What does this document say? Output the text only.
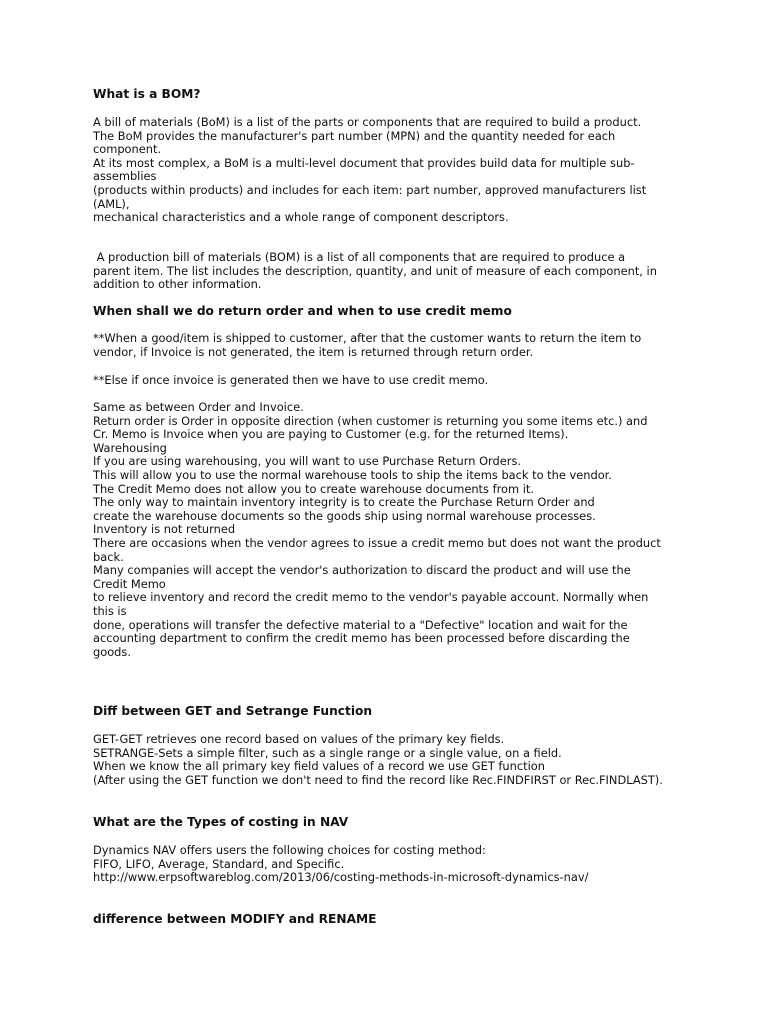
What is a BOM?
A bill of materials (BoM) is a list of the parts or components that are required to build a product.
The BoM provides the manufacturer's part number (MPN) and the quantity needed for each
component.
At its most complex, a BoM is a multi-level document that provides build data for multiple sub-
assemblies
(products within products) and includes for each item: part number, approved manufacturers list
(AML),
mechanical characteristics and a whole range of component descriptors.
A production bill of materials (BOM) is a list of all components that are required to produce a
parent item. The list includes the description, quantity, and unit of measure of each component, in
addition to other information.
When shall we do return order and when to use credit memo
**When a good/item is shipped to customer, after that the customer wants to return the item to
vendor, if Invoice is not generated, the item is returned through return order.
**Else if once invoice is generated then we have to use credit memo.
Same as between Order and Invoice.
Return order is Order in opposite direction (when customer is returning you some items etc.) and
Cr. Memo is Invoice when you are paying to Customer (e.g. for the returned Items).
Warehousing
If you are using warehousing, you will want to use Purchase Return Orders.
This will allow you to use the normal warehouse tools to ship the items back to the vendor.
The Credit Memo does not allow you to create warehouse documents from it.
The only way to maintain inventory integrity is to create the Purchase Return Order and
create the warehouse documents so the goods ship using normal warehouse processes.
Inventory is not returned
There are occasions when the vendor agrees to issue a credit memo but does not want the product
back.
Many companies will accept the vendor's authorization to discard the product and will use the
Credit Memo
to relieve inventory and record the credit memo to the vendor's payable account. Normally when
this is
done, operations will transfer the defective material to a "Defective" location and wait for the
accounting department to confirm the credit memo has been processed before discarding the
goods.
Diff between GET and Setrange Function
GET-GET retrieves one record based on values of the primary key fields.
SETRANGE-Sets a simple filter, such as a single range or a single value, on a field.
When we know the all primary key field values of a record we use GET function
(After using the GET function we don't need to find the record like Rec.FINDFIRST or Rec.FINDLAST).
What are the Types of costing in NAV
Dynamics NAV offers users the following choices for costing method:
FIFO, LIFO, Average, Standard, and Specific.
http://www.erpsoftwareblog.com/2013/06/costing-methods-in-microsoft-dynamics-nav/
difference between MODIFY and RENAME
